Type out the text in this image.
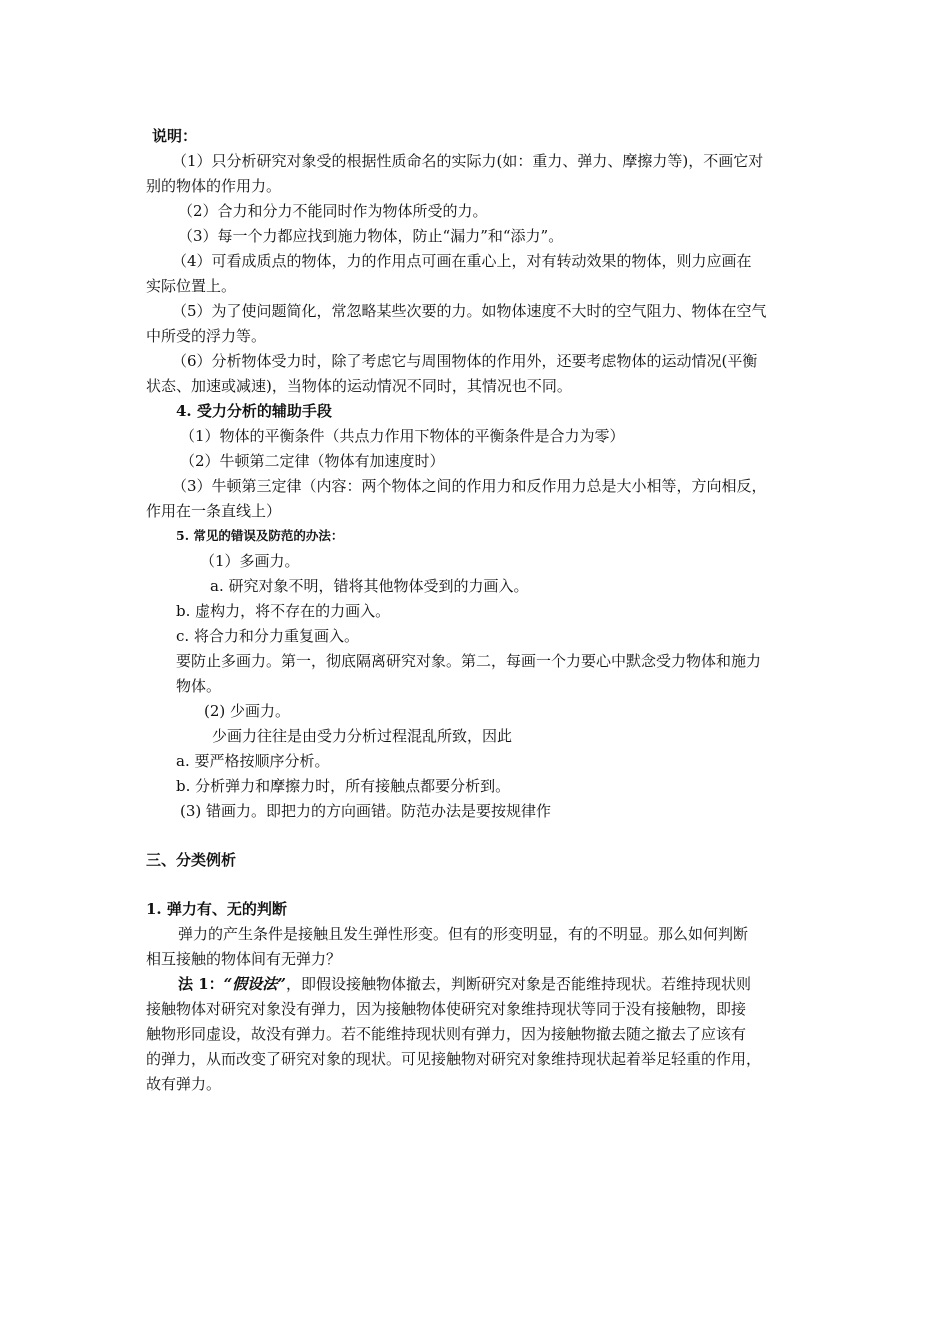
说明：
（1）只分析研究对象受的根据性质命名的实际力(如：重力、弹力、摩擦力等)，不画它对
别的物体的作用力。
（2）合力和分力不能同时作为物体所受的力。
（3）每一个力都应找到施力物体，防止“漏力”和“添力”。
（4）可看成质点的物体，力的作用点可画在重心上，对有转动效果的物体，则力应画在
实际位置上。
（5）为了使问题简化，常忽略某些次要的力。如物体速度不大时的空气阻力、物体在空气
中所受的浮力等。
（6）分析物体受力时，除了考虑它与周围物体的作用外，还要考虑物体的运动情况(平衡
状态、加速或减速)，当物体的运动情况不同时，其情况也不同。
4. 受力分析的辅助手段
（1）物体的平衡条件（共点力作用下物体的平衡条件是合力为零）
（2）牛顿第二定律（物体有加速度时）
（3）牛顿第三定律（内容：两个物体之间的作用力和反作用力总是大小相等，方向相反，
作用在一条直线上）
5. 常见的错误及防范的办法：
（1）多画力。
a. 研究对象不明，错将其他物体受到的力画入。
b. 虚构力，将不存在的力画入。
c. 将合力和分力重复画入。
要防止多画力。第一，彻底隔离研究对象。第二，每画一个力要心中默念受力物体和施力
物体。
(2) 少画力。
少画力往往是由受力分析过程混乱所致，因此
a. 要严格按顺序分析。
b. 分析弹力和摩擦力时，所有接触点都要分析到。
(3) 错画力。即把力的方向画错。防范办法是要按规律作
三、分类例析
1. 弹力有、无的判断
弹力的产生条件是接触且发生弹性形变。但有的形变明显，有的不明显。那么如何判断
相互接触的物体间有无弹力？
法 1：“假设法”，即假设接触物体撤去，判断研究对象是否能维持现状。若维持现状则
接触物体对研究对象没有弹力，因为接触物体使研究对象维持现状等同于没有接触物，即接
触物形同虚设，故没有弹力。若不能维持现状则有弹力，因为接触物撤去随之撤去了应该有
的弹力，从而改变了研究对象的现状。可见接触物对研究对象维持现状起着举足轻重的作用，
故有弹力。
